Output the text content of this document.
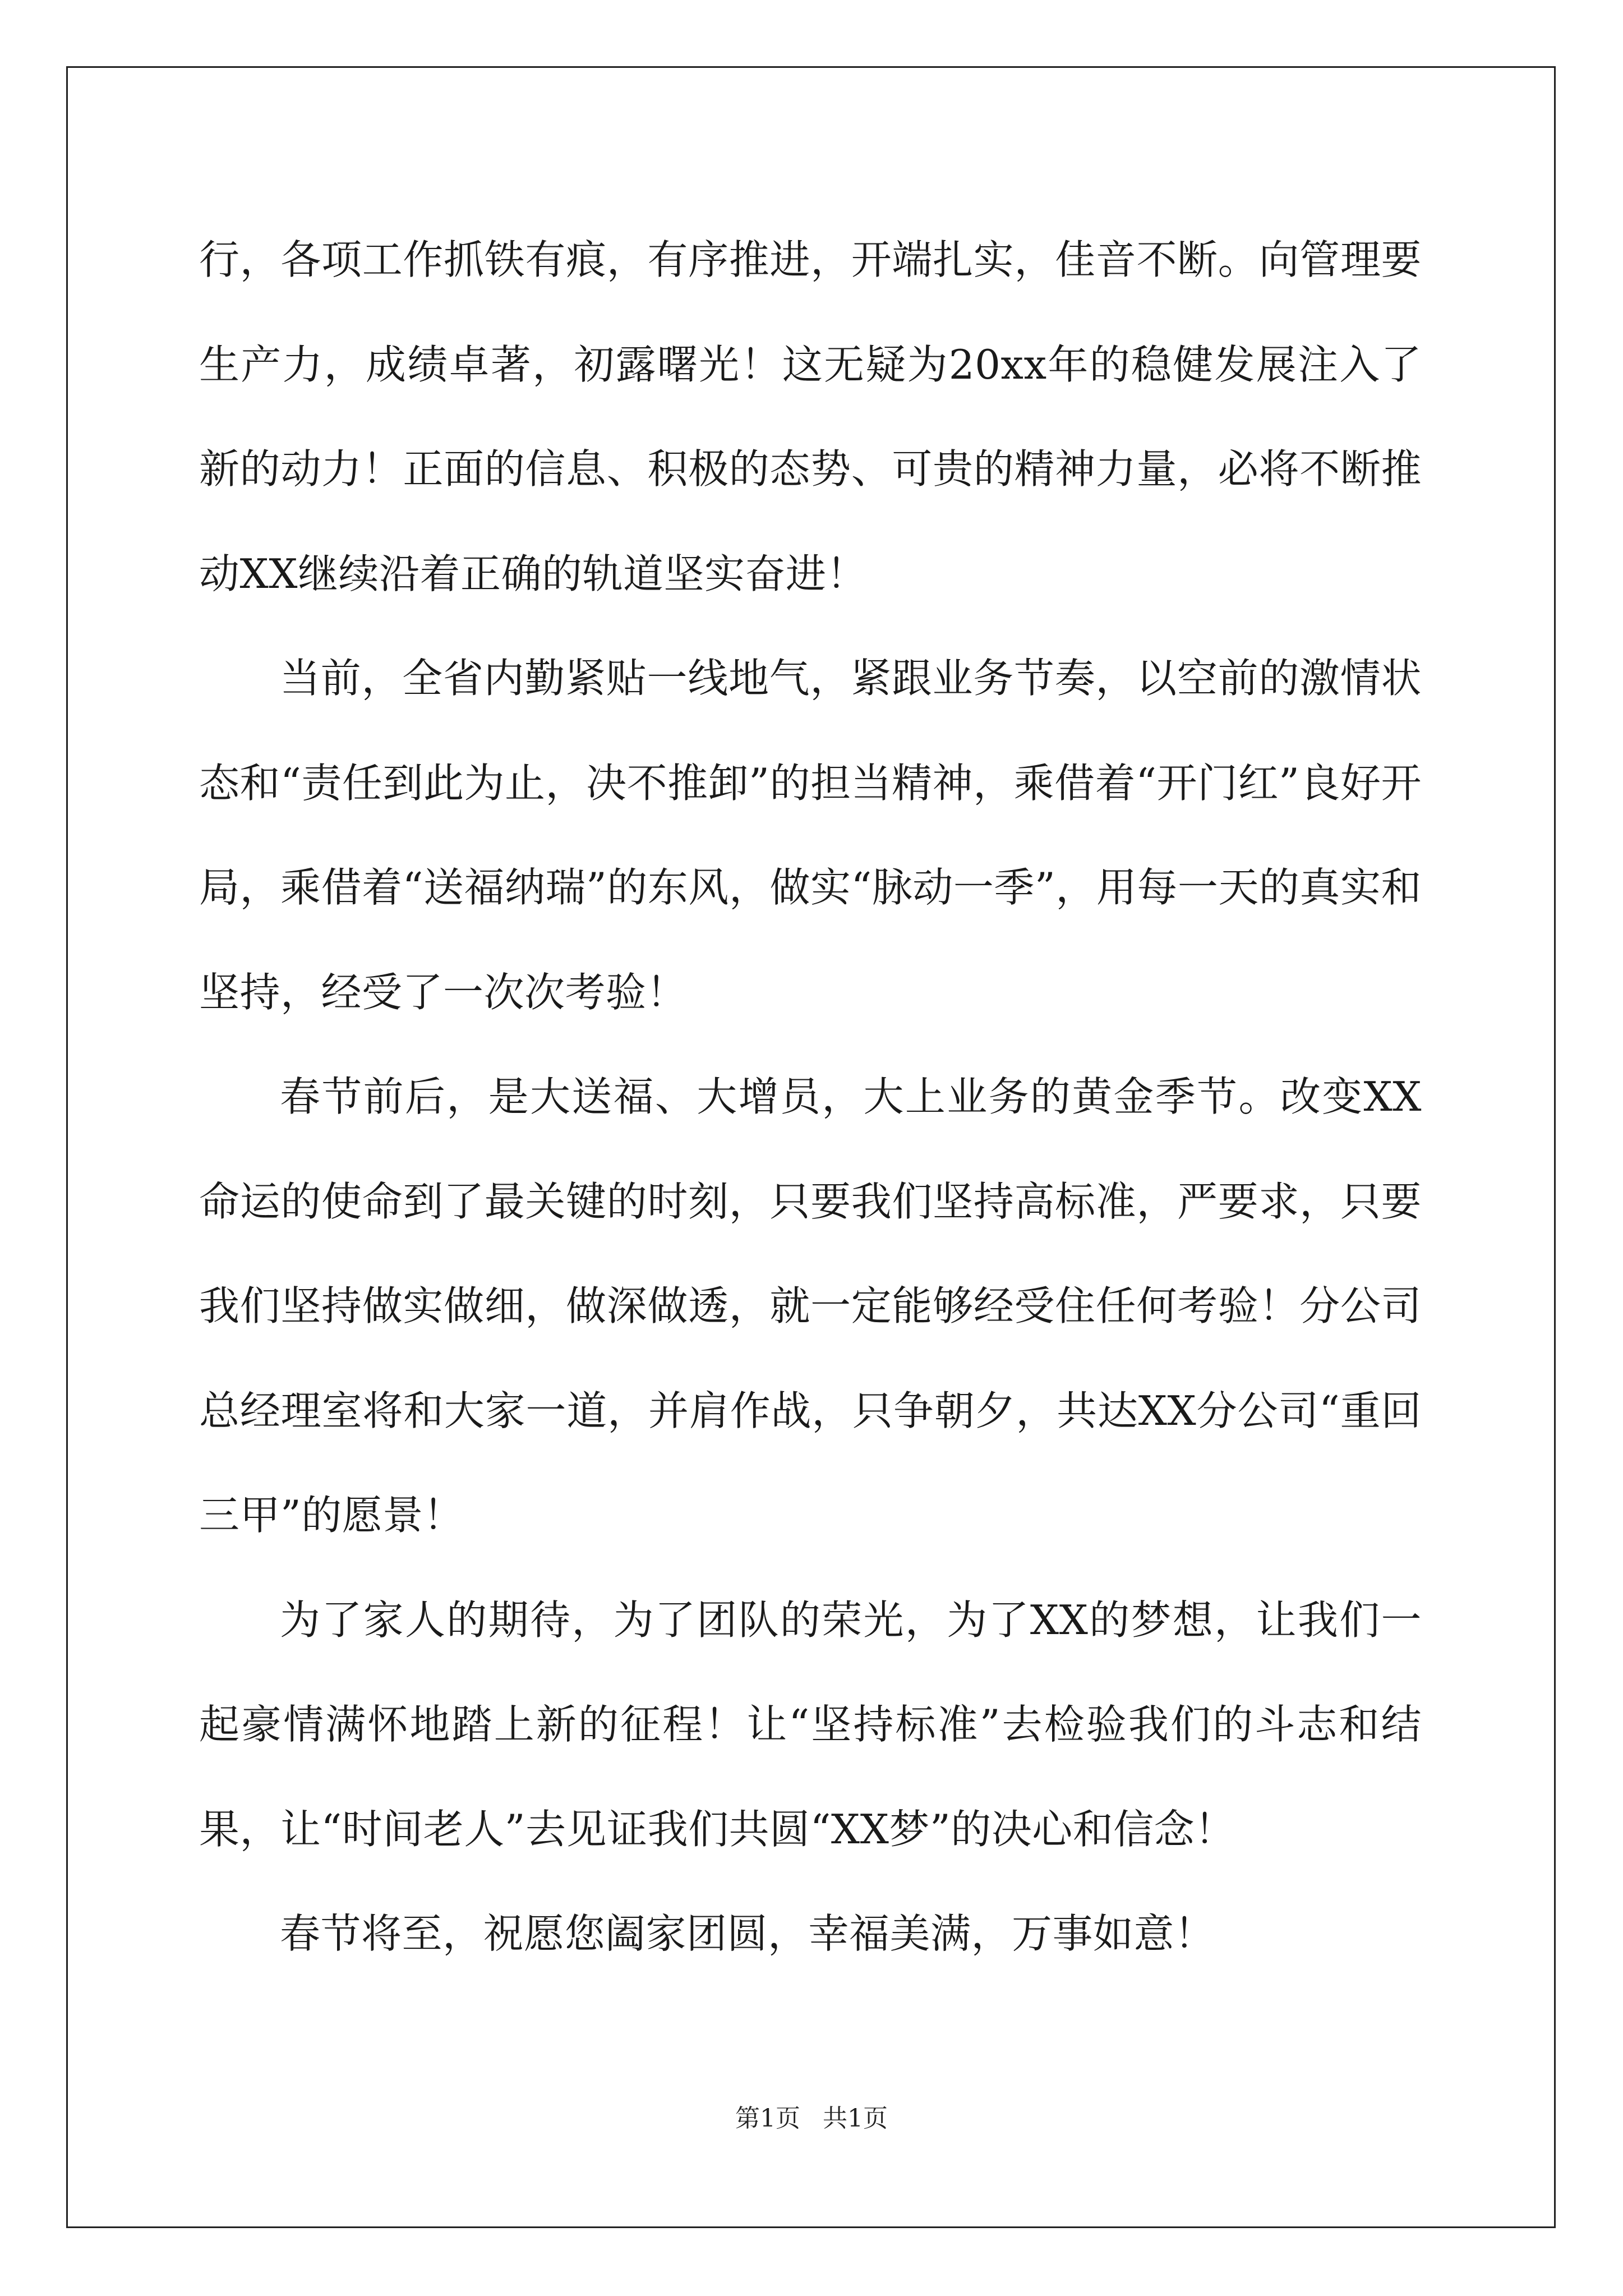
行，各项工作抓铁有痕，有序推进，开端扎实，佳音不断。向管理要生产力，成绩卓著，初露曙光！这无疑为20xx年的稳健发展注入了新的动力！正面的信息、积极的态势、可贵的精神力量，必将不断推动XX继续沿着正确的轨道坚实奋进！

当前，全省内勤紧贴一线地气，紧跟业务节奏，以空前的激情状态和“责任到此为止，决不推卸”的担当精神，乘借着“开门红”良好开局，乘借着“送福纳瑞”的东风，做实“脉动一季”，用每一天的真实和坚持，经受了一次次考验！

春节前后，是大送福、大增员，大上业务的黄金季节。改变XX命运的使命到了最关键的时刻，只要我们坚持高标准，严要求，只要我们坚持做实做细，做深做透，就一定能够经受住任何考验！分公司总经理室将和大家一道，并肩作战，只争朝夕，共达XX分公司“重回三甲”的愿景！

为了家人的期待，为了团队的荣光，为了XX的梦想，让我们一起豪情满怀地踏上新的征程！让“坚持标准”去检验我们的斗志和结果，让“时间老人”去见证我们共圆“XX梦”的决心和信念！

春节将至，祝愿您阖家团圆，幸福美满，万事如意！

第1页 共1页
